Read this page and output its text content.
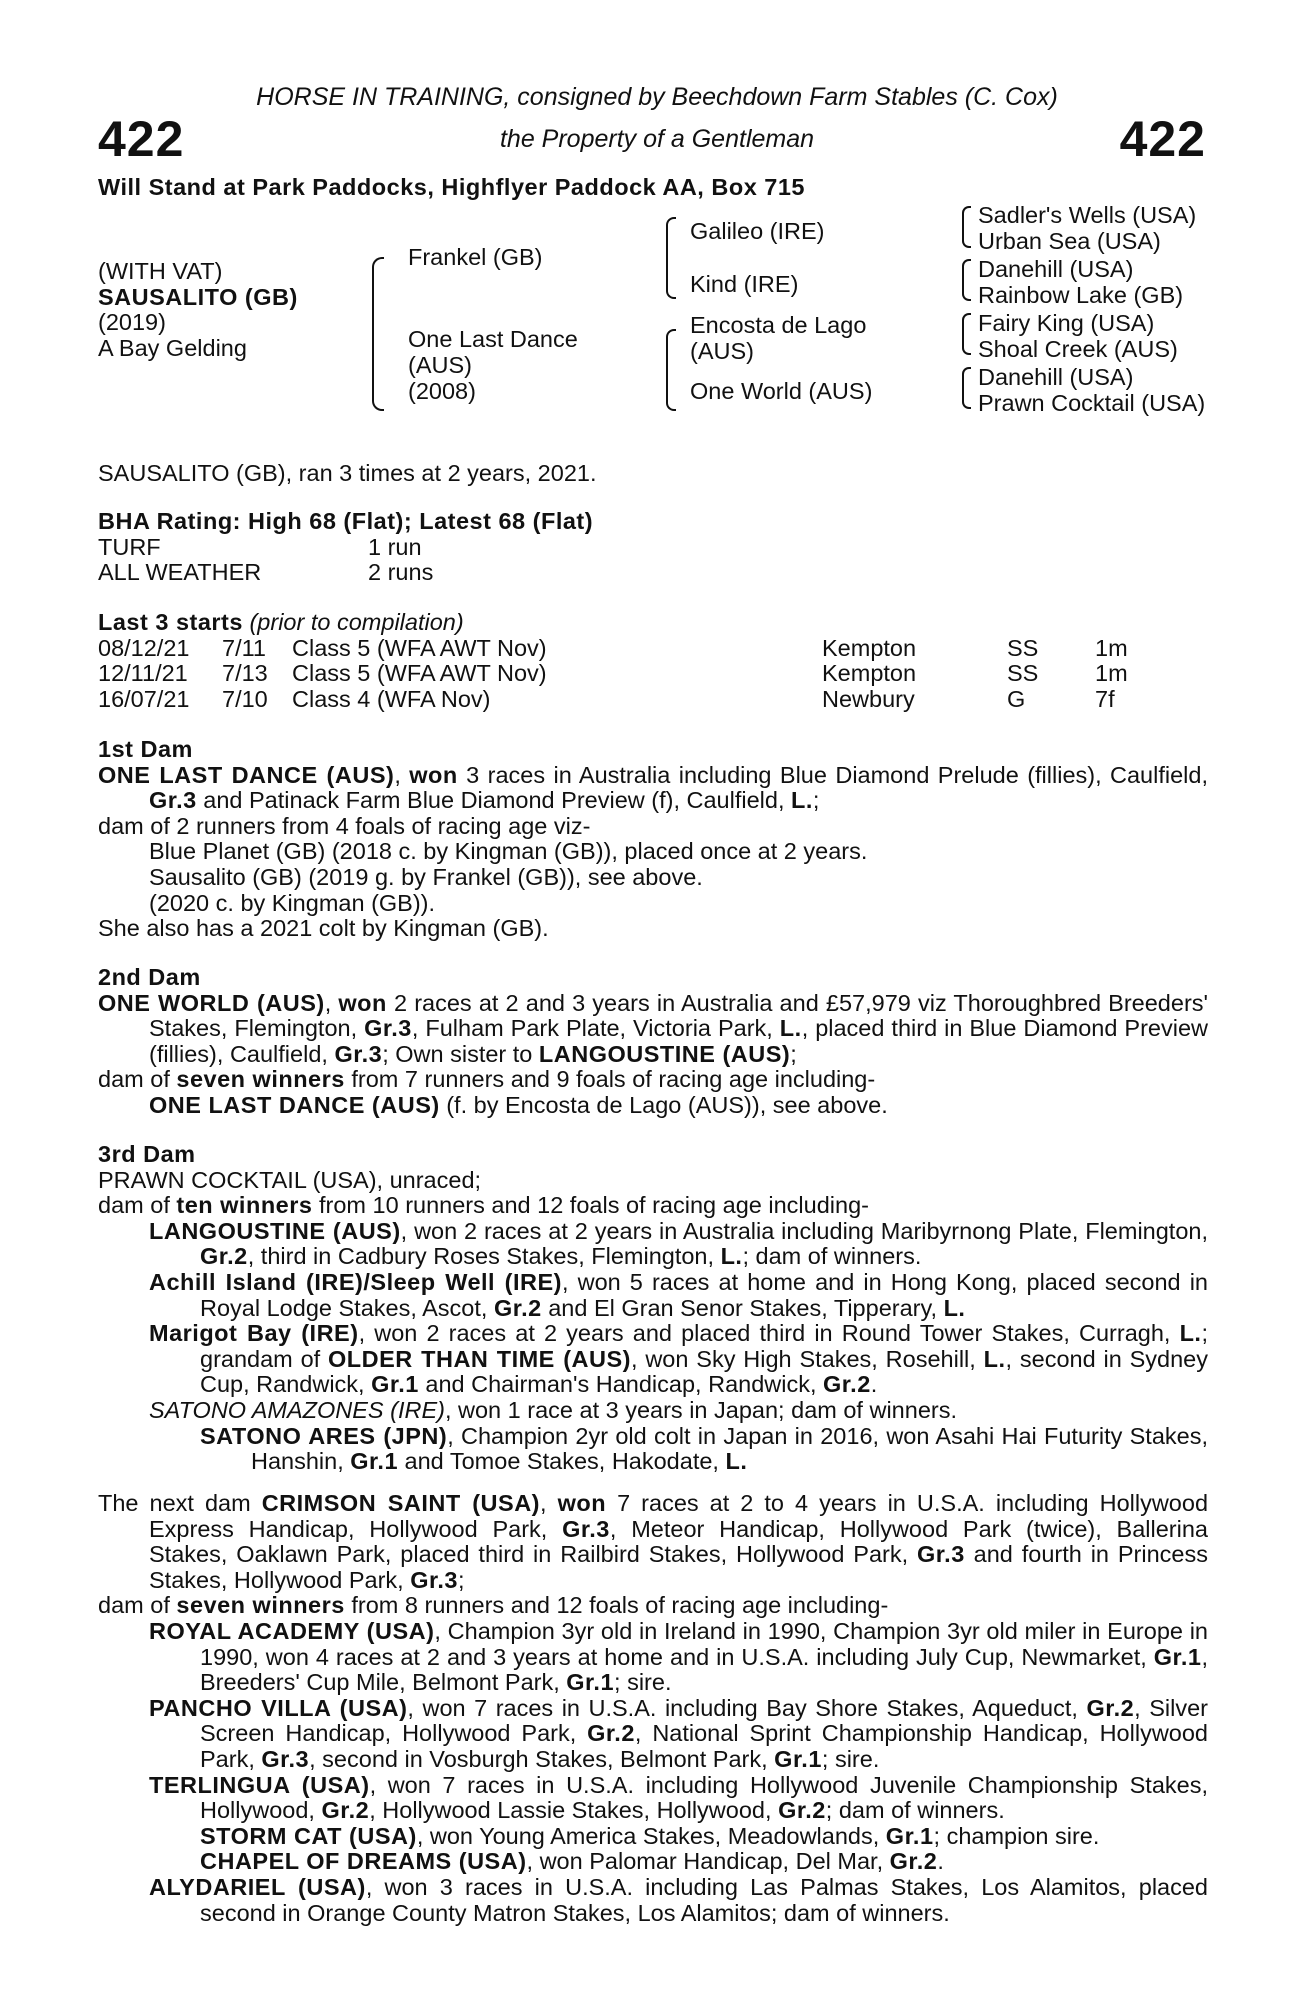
HORSE IN TRAINING, consigned by Beechdown Farm Stables (C. Cox)
the Property of a Gentleman
422	422
Will Stand at Park Paddocks, Highflyer Paddock AA, Box 715
(WITH VAT)
SAUSALITO (GB)
(2019)
A Bay Gelding
Frankel (GB)
One Last Dance
(AUS)
(2008)
Galileo (IRE)
Kind (IRE)
Encosta de Lago
(AUS)
One World (AUS)
Sadler's Wells (USA)
Urban Sea (USA)
Danehill (USA)
Rainbow Lake (GB)
Fairy King (USA)
Shoal Creek (AUS)
Danehill (USA)
Prawn Cocktail (USA)
SAUSALITO (GB), ran 3 times at 2 years, 2021.
BHA Rating: High 68 (Flat); Latest 68 (Flat)
TURF	1 run
ALL WEATHER	2 runs
Last 3 starts (prior to compilation)
08/12/21	7/11	Class 5 (WFA AWT Nov)	Kempton	SS	1m
12/11/21	7/13	Class 5 (WFA AWT Nov)	Kempton	SS	1m
16/07/21	7/10	Class 4 (WFA Nov)	Newbury	G	7f
1st Dam

ONE LAST DANCE (AUS), won 3 races in Australia including Blue Diamond Prelude (fillies), Caulfield, Gr.3 and Patinack Farm Blue Diamond Preview (f), Caulfield, L.;

dam of 2 runners from 4 foals of racing age viz-

Blue Planet (GB) (2018 c. by Kingman (GB)), placed once at 2 years.

Sausalito (GB) (2019 g. by Frankel (GB)), see above.

(2020 c. by Kingman (GB)).

She also has a 2021 colt by Kingman (GB).

2nd Dam

ONE WORLD (AUS), won 2 races at 2 and 3 years in Australia and £57,979 viz Thoroughbred Breeders' Stakes, Flemington, Gr.3, Fulham Park Plate, Victoria Park, L., placed third in Blue Diamond Preview (fillies), Caulfield, Gr.3; Own sister to LANGOUSTINE (AUS);

dam of seven winners from 7 runners and 9 foals of racing age including-

ONE LAST DANCE (AUS) (f. by Encosta de Lago (AUS)), see above.

3rd Dam

PRAWN COCKTAIL (USA), unraced;

dam of ten winners from 10 runners and 12 foals of racing age including-

LANGOUSTINE (AUS), won 2 races at 2 years in Australia including Maribyrnong Plate, Flemington, Gr.2, third in Cadbury Roses Stakes, Flemington, L.; dam of winners.

Achill Island (IRE)/Sleep Well (IRE), won 5 races at home and in Hong Kong, placed second in Royal Lodge Stakes, Ascot, Gr.2 and El Gran Senor Stakes, Tipperary, L.

Marigot Bay (IRE), won 2 races at 2 years and placed third in Round Tower Stakes, Curragh, L.; grandam of OLDER THAN TIME (AUS), won Sky High Stakes, Rosehill, L., second in Sydney Cup, Randwick, Gr.1 and Chairman's Handicap, Randwick, Gr.2.

SATONO AMAZONES (IRE), won 1 race at 3 years in Japan; dam of winners.

SATONO ARES (JPN), Champion 2yr old colt in Japan in 2016, won Asahi Hai Futurity Stakes, Hanshin, Gr.1 and Tomoe Stakes, Hakodate, L.

The next dam CRIMSON SAINT (USA), won 7 races at 2 to 4 years in U.S.A. including Hollywood Express Handicap, Hollywood Park, Gr.3, Meteor Handicap, Hollywood Park (twice), Ballerina Stakes, Oaklawn Park, placed third in Railbird Stakes, Hollywood Park, Gr.3 and fourth in Princess Stakes, Hollywood Park, Gr.3;

dam of seven winners from 8 runners and 12 foals of racing age including-

ROYAL ACADEMY (USA), Champion 3yr old in Ireland in 1990, Champion 3yr old miler in Europe in 1990, won 4 races at 2 and 3 years at home and in U.S.A. including July Cup, Newmarket, Gr.1, Breeders' Cup Mile, Belmont Park, Gr.1; sire.

PANCHO VILLA (USA), won 7 races in U.S.A. including Bay Shore Stakes, Aqueduct, Gr.2, Silver Screen Handicap, Hollywood Park, Gr.2, National Sprint Championship Handicap, Hollywood Park, Gr.3, second in Vosburgh Stakes, Belmont Park, Gr.1; sire.

TERLINGUA (USA), won 7 races in U.S.A. including Hollywood Juvenile Championship Stakes, Hollywood, Gr.2, Hollywood Lassie Stakes, Hollywood, Gr.2; dam of winners.

STORM CAT (USA), won Young America Stakes, Meadowlands, Gr.1; champion sire.

CHAPEL OF DREAMS (USA), won Palomar Handicap, Del Mar, Gr.2.

ALYDARIEL (USA), won 3 races in U.S.A. including Las Palmas Stakes, Los Alamitos, placed second in Orange County Matron Stakes, Los Alamitos; dam of winners.
